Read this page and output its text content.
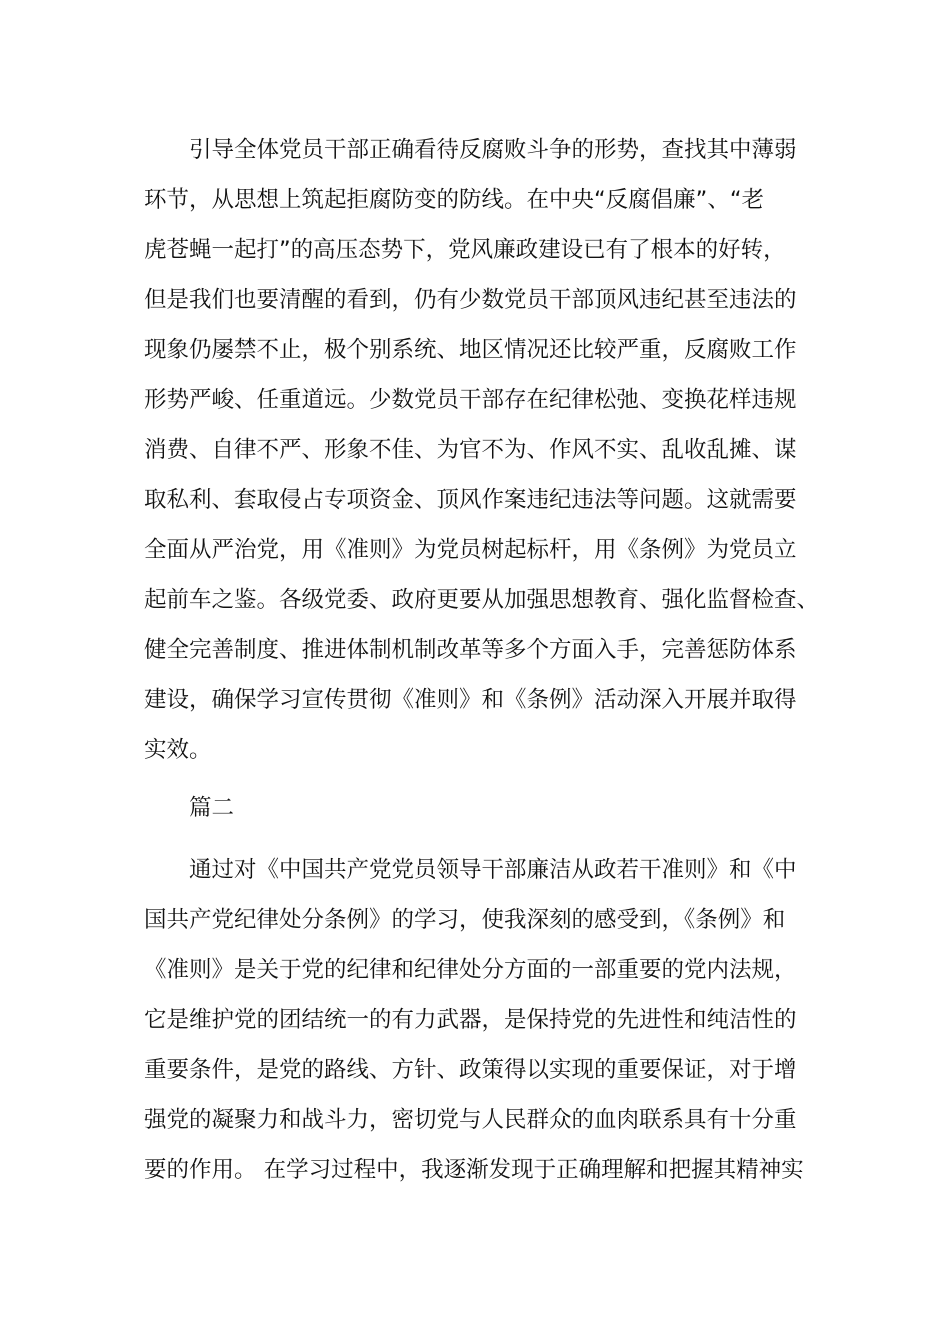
引导全体党员干部正确看待反腐败斗争的形势，查找其中薄弱
环节，从思想上筑起拒腐防变的防线。在中央“反腐倡廉”、“老
虎苍蝇一起打”的高压态势下，党风廉政建设已有了根本的好转，
但是我们也要清醒的看到，仍有少数党员干部顶风违纪甚至违法的
现象仍屡禁不止，极个别系统、地区情况还比较严重，反腐败工作
形势严峻、任重道远。少数党员干部存在纪律松弛、变换花样违规
消费、自律不严、形象不佳、为官不为、作风不实、乱收乱摊、谋
取私利、套取侵占专项资金、顶风作案违纪违法等问题。这就需要
全面从严治党，用《准则》为党员树起标杆，用《条例》为党员立
起前车之鉴。各级党委、政府更要从加强思想教育、强化监督检查、
健全完善制度、推进体制机制改革等多个方面入手，完善惩防体系
建设，确保学习宣传贯彻《准则》和《条例》活动深入开展并取得
实效。
篇二
通过对《中国共产党党员领导干部廉洁从政若干准则》和《中
国共产党纪律处分条例》的学习，使我深刻的感受到，《条例》和
《准则》是关于党的纪律和纪律处分方面的一部重要的党内法规，
它是维护党的团结统一的有力武器，是保持党的先进性和纯洁性的
重要条件，是党的路线、方针、政策得以实现的重要保证，对于增
强党的凝聚力和战斗力，密切党与人民群众的血肉联系具有十分重
要的作用。 在学习过程中，我逐渐发现于正确理解和把握其精神实
